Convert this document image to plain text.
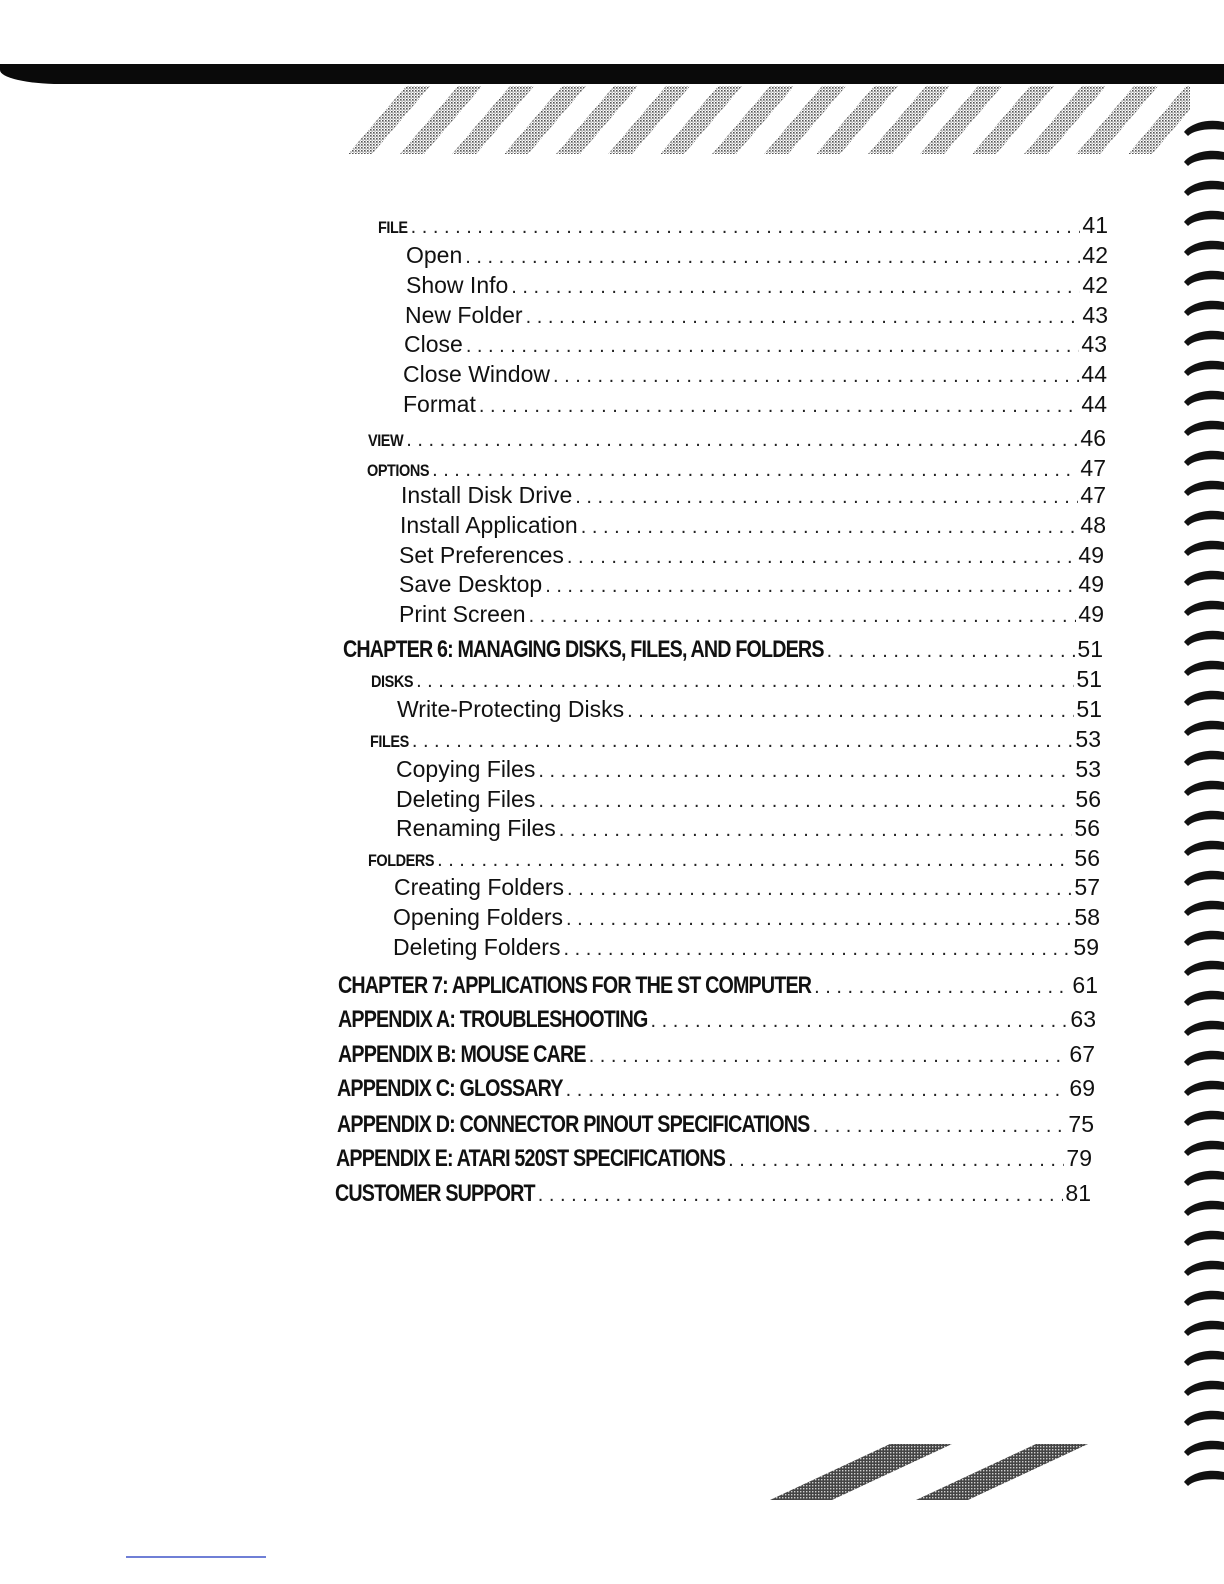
FILE . . .	41
Open . . .	42
Show Info . . .	42
New Folder . . .	43
Close . . .	43
Close Window . . .	44
Format . . .	44
VIEW . . .	46
OPTIONS . . .	47
Install Disk Drive . . .	47
Install Application . . .	48
Set Preferences . . .	49
Save Desktop . . .	49
Print Screen . . .	49
CHAPTER 6: MANAGING DISKS, FILES, AND FOLDERS . . .	51
DISKS . . .	51
Write-Protecting Disks . . .	51
FILES . . .	53
Copying Files . . .	53
Deleting Files . . .	56
Renaming Files . . .	56
FOLDERS . . .	56
Creating Folders . . .	57
Opening Folders . . .	58
Deleting Folders . . .	59
CHAPTER 7: APPLICATIONS FOR THE ST COMPUTER . . .	61
APPENDIX A: TROUBLESHOOTING . . .	63
APPENDIX B: MOUSE CARE . . .	67
APPENDIX C: GLOSSARY . . .	69
APPENDIX D: CONNECTOR PINOUT SPECIFICATIONS . . .	75
APPENDIX E: ATARI 520ST SPECIFICATIONS . . .	79
CUSTOMER SUPPORT . . .	81
